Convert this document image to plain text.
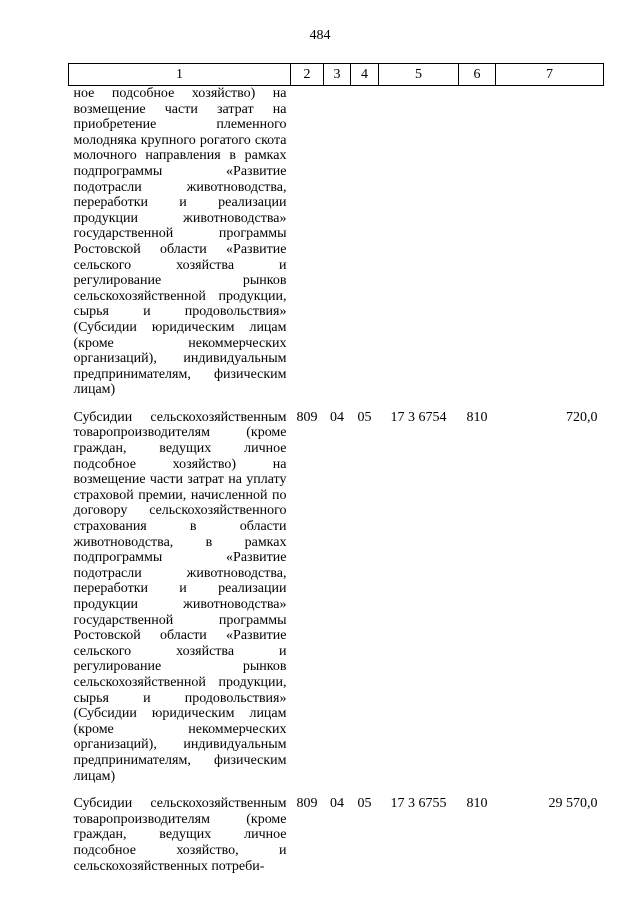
484
1	2	3	4	5	6	7
ное подсобное хозяйство) на возмещение части затрат на приобретение племенного молодняка крупного рогатого скота молочного направления в рамках подпрограммы «Развитие подотрасли животноводства, переработки и реализации продукции животноводства» государственной программы Ростовской области «Развитие сельского хозяйства и регулирование рынков сельскохозяйственной продукции, сырья и продовольствия» (Субсидии юридическим лицам (кроме некоммерческих организаций), индивидуальным предпринимателям, физическим лицам)						

Субсидии сельскохозяйственным товаропроизводителям (кроме граждан, ведущих личное подсобное хозяйство) на возмещение части затрат на уплату страховой премии, начисленной по договору сельскохозяйственного страхования в области животноводства, в рамках подпрограммы «Развитие подотрасли животноводства, переработки и реализации продукции животноводства» государственной программы Ростовской области «Развитие сельского хозяйства и регулирование рынков сельскохозяйственной продукции, сырья и продовольствия» (Субсидии юридическим лицам (кроме некоммерческих организаций), индивидуальным предпринимателям, физическим лицам)	809	04	05	17 3 6754	810	720,0

Субсидии сельскохозяйственным товаропроизводителям (кроме граждан, ведущих личное подсобное хозяйство, и сельскохозяйственных потреби-	809	04	05	17 3 6755	810	29 570,0
